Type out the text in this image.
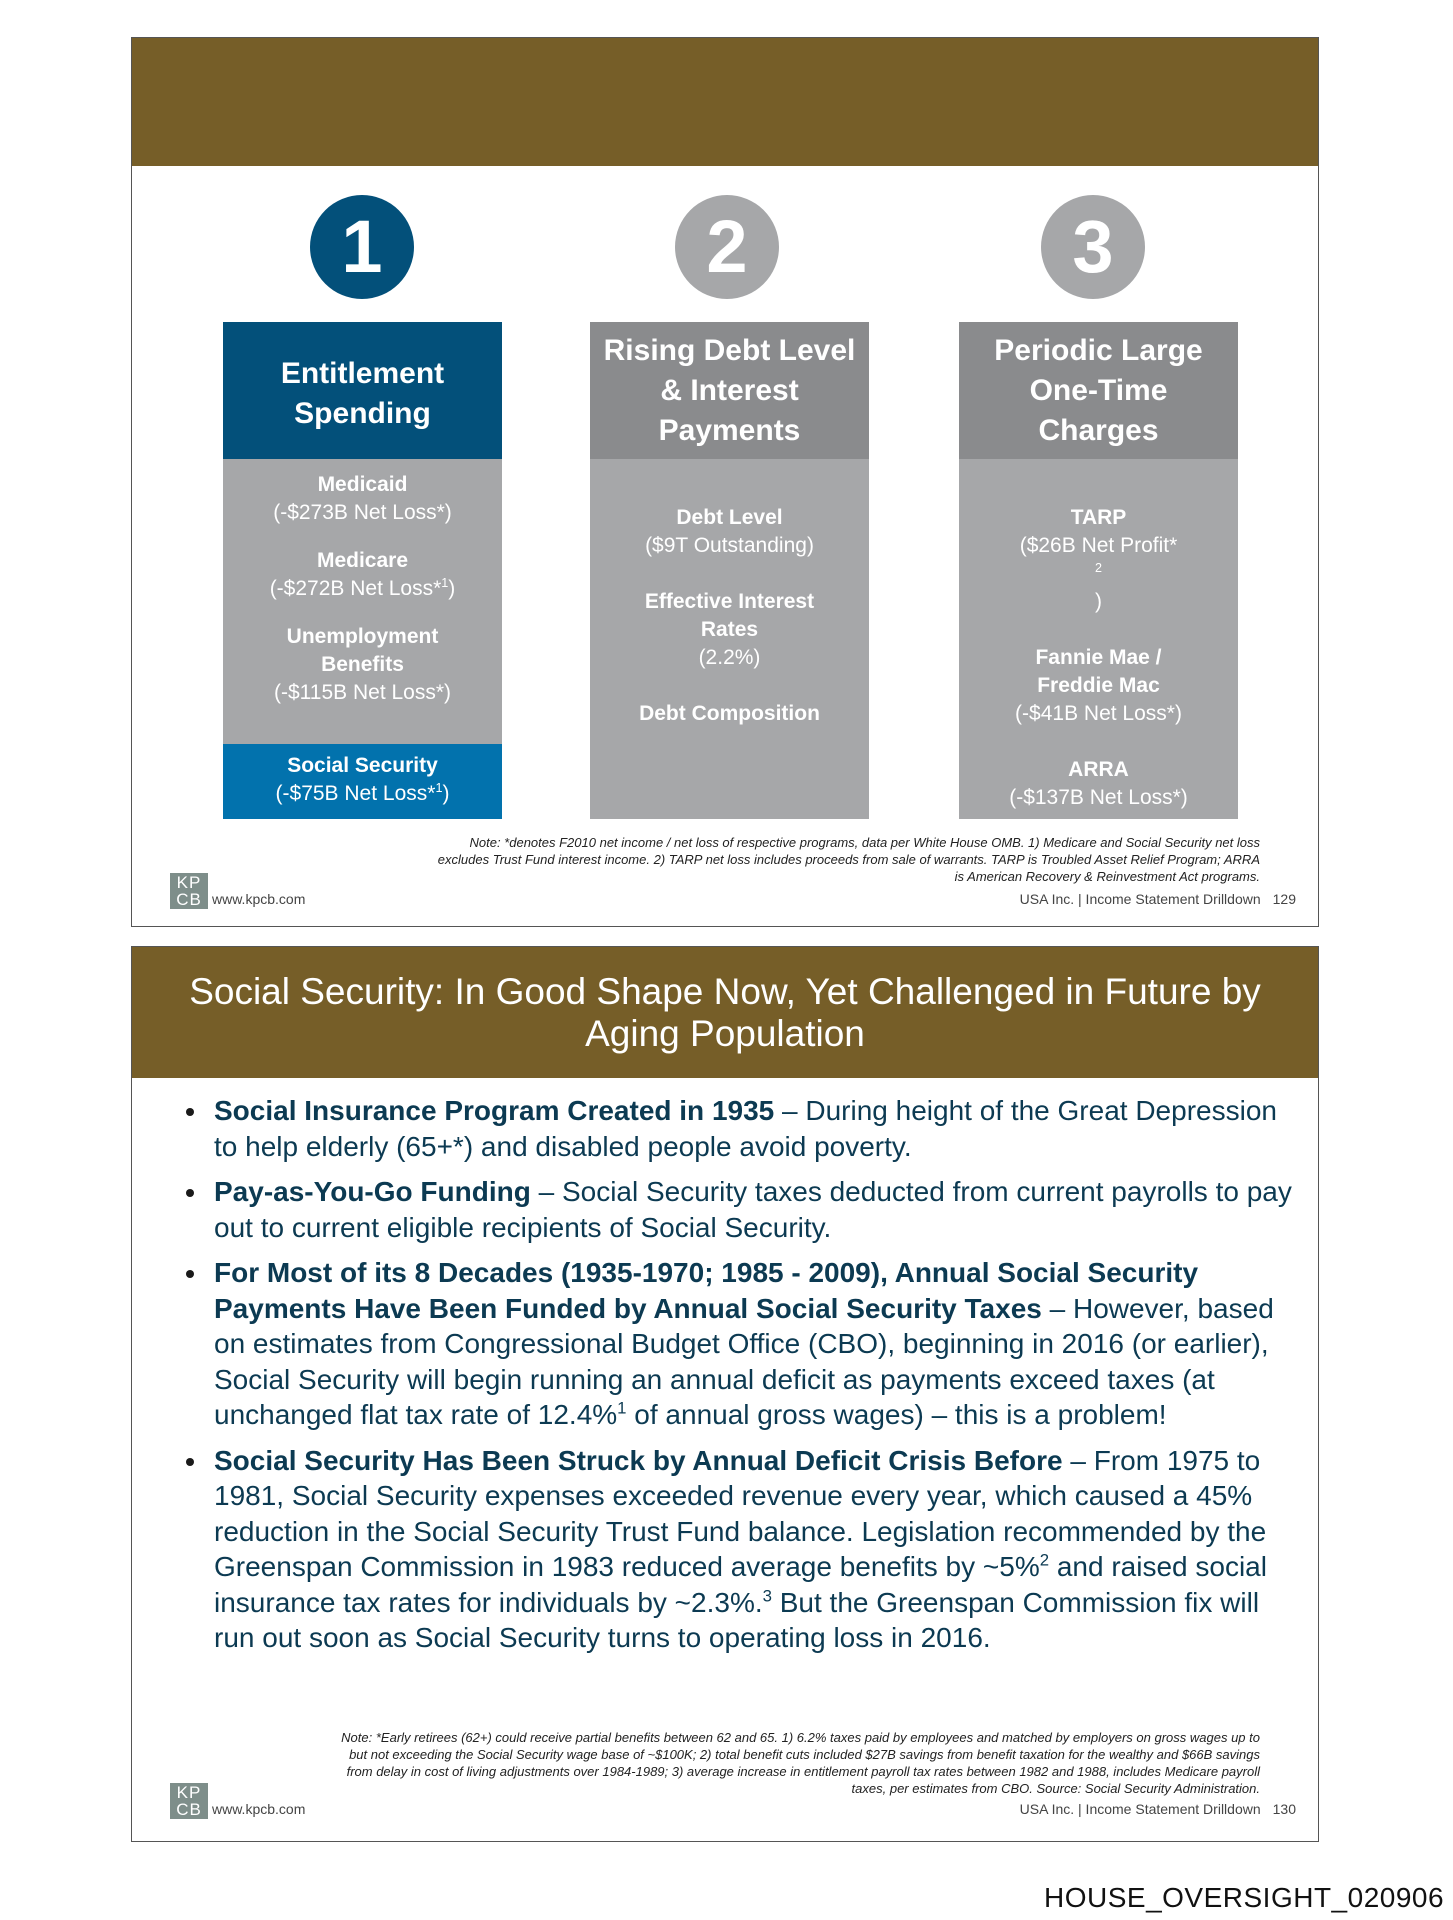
1	2	3
Entitlement Spending
Medicaid
(-$273B Net Loss*)
Medicare
(-$272B Net Loss*$^1$)
Unemployment Benefits
(-$115B Net Loss*)
Social Security
(-$75B Net Loss*$^1$)
Rising Debt Level & Interest Payments
Debt Level
($9T Outstanding)
Effective Interest Rates
(2.2%)
Debt Composition
Periodic Large One-Time Charges
TARP
($26B Net Profit*
$^2$
)
Fannie Mae / Freddie Mac
(-$41B Net Loss*)
ARRA
(-$137B Net Loss*)
Note: *denotes F2010 net income / net loss of respective programs, data per White House OMB. 1) Medicare and Social Security net loss
excludes Trust Fund interest income. 2) TARP net loss includes proceeds from sale of warrants. TARP is Troubled Asset Relief Program; ARRA
is American Recovery & Reinvestment Act programs.
KP
CB www.kpcb.com	USA Inc. | Income Statement Drilldown 129
Social Security: In Good Shape Now, Yet Challenged in Future by Aging Population
Social Insurance Program Created in 1935 – During height of the Great Depression to help elderly (65+*) and disabled people avoid poverty.
Pay-as-You-Go Funding – Social Security taxes deducted from current payrolls to pay out to current eligible recipients of Social Security.
For Most of its 8 Decades (1935-1970; 1985 - 2009), Annual Social Security Payments Have Been Funded by Annual Social Security Taxes – However, based on estimates from Congressional Budget Office (CBO), beginning in 2016 (or earlier), Social Security will begin running an annual deficit as payments exceed taxes (at unchanged flat tax rate of 12.4%$^1$ of annual gross wages) – this is a problem!
Social Security Has Been Struck by Annual Deficit Crisis Before – From 1975 to 1981, Social Security expenses exceeded revenue every year, which caused a 45% reduction in the Social Security Trust Fund balance. Legislation recommended by the Greenspan Commission in 1983 reduced average benefits by ~5%$^2$ and raised social insurance tax rates for individuals by ~2.3%.$^3$ But the Greenspan Commission fix will run out soon as Social Security turns to operating loss in 2016.
Note: *Early retirees (62+) could receive partial benefits between 62 and 65. 1) 6.2% taxes paid by employees and matched by employers on gross wages up to
but not exceeding the Social Security wage base of ~$100K; 2) total benefit cuts included $27B savings from benefit taxation for the wealthy and $66B savings
from delay in cost of living adjustments over 1984-1989; 3) average increase in entitlement payroll tax rates between 1982 and 1988, includes Medicare payroll
taxes, per estimates from CBO. Source: Social Security Administration.
KP
CB www.kpcb.com	USA Inc. | Income Statement Drilldown 130
HOUSE_OVERSIGHT_020906
